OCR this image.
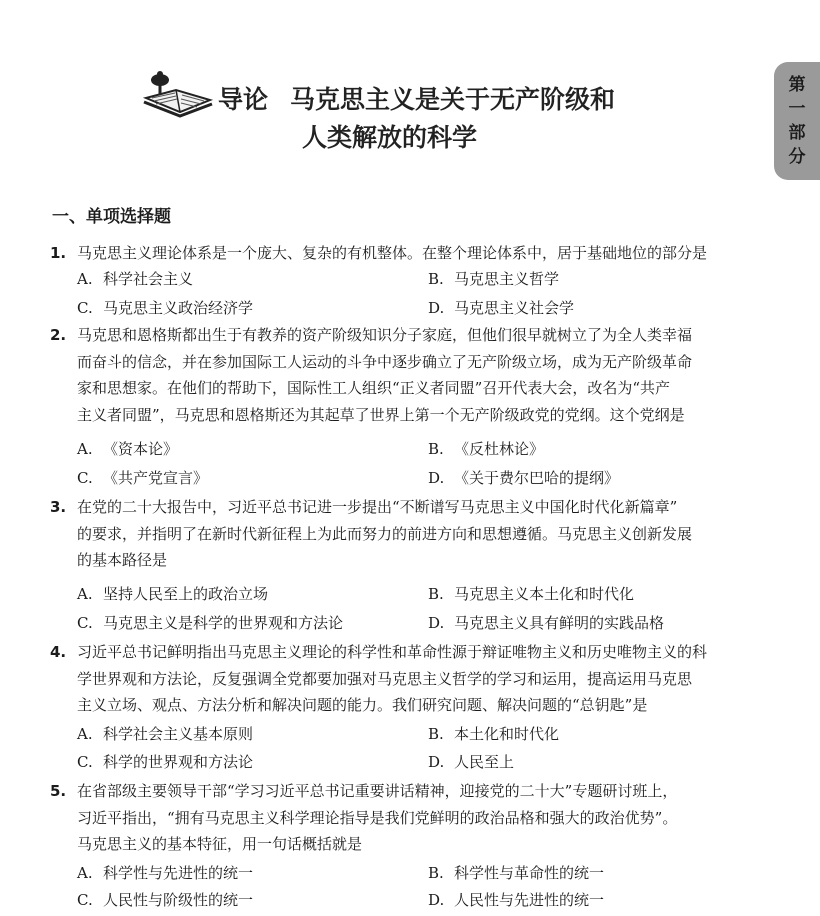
第
一
部
分
导论 马克思主义是关于无产阶级和
人类解放的科学
一、单项选择题
1. 马克思主义理论体系是一个庞大、复杂的有机整体。在整个理论体系中，居于基础地位的部分是
A. 科学社会主义	B. 马克思主义哲学
C. 马克思主义政治经济学	D. 马克思主义社会学
2. 马克思和恩格斯都出生于有教养的资产阶级知识分子家庭，但他们很早就树立了为全人类幸福
而奋斗的信念，并在参加国际工人运动的斗争中逐步确立了无产阶级立场，成为无产阶级革命
家和思想家。在他们的帮助下，国际性工人组织“正义者同盟”召开代表大会，改名为“共产
主义者同盟”，马克思和恩格斯还为其起草了世界上第一个无产阶级政党的党纲。这个党纲是
A. 《资本论》	B. 《反杜林论》
C. 《共产党宣言》	D. 《关于费尔巴哈的提纲》
3. 在党的二十大报告中，习近平总书记进一步提出“不断谱写马克思主义中国化时代化新篇章”
的要求，并指明了在新时代新征程上为此而努力的前进方向和思想遵循。马克思主义创新发展
的基本路径是
A. 坚持人民至上的政治立场	B. 马克思主义本土化和时代化
C. 马克思主义是科学的世界观和方法论	D. 马克思主义具有鲜明的实践品格
4. 习近平总书记鲜明指出马克思主义理论的科学性和革命性源于辩证唯物主义和历史唯物主义的科
学世界观和方法论，反复强调全党都要加强对马克思主义哲学的学习和运用，提高运用马克思
主义立场、观点、方法分析和解决问题的能力。我们研究问题、解决问题的“总钥匙”是
A. 科学社会主义基本原则	B. 本土化和时代化
C. 科学的世界观和方法论	D. 人民至上
5. 在省部级主要领导干部“学习习近平总书记重要讲话精神，迎接党的二十大”专题研讨班上，
习近平指出，“拥有马克思主义科学理论指导是我们党鲜明的政治品格和强大的政治优势”。
马克思主义的基本特征，用一句话概括就是
A. 科学性与先进性的统一	B. 科学性与革命性的统一
C. 人民性与阶级性的统一	D. 人民性与先进性的统一
